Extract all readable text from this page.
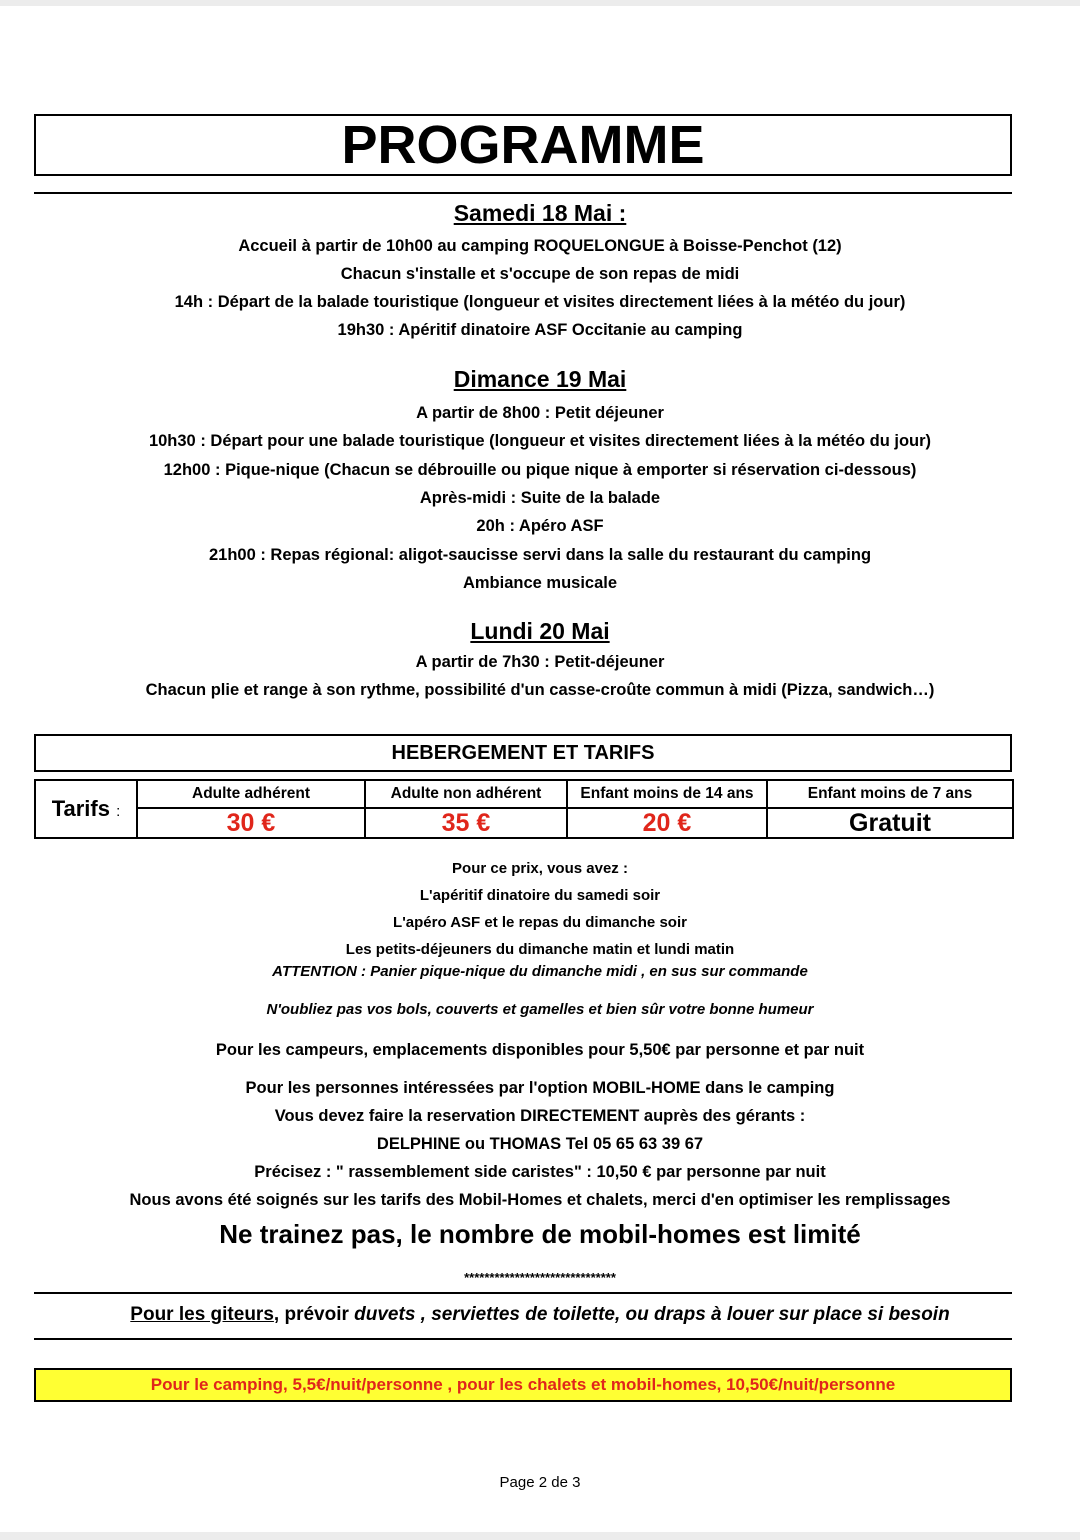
PROGRAMME
Samedi 18 Mai :
Accueil à partir de 10h00 au camping ROQUELONGUE à Boisse-Penchot (12)
Chacun s'installe et s'occupe de son repas de midi
14h : Départ de la balade touristique (longueur et visites directement liées à la météo du jour)
19h30 : Apéritif dinatoire ASF Occitanie au camping
Dimance 19 Mai
A partir de 8h00 : Petit déjeuner
10h30 : Départ pour une balade touristique (longueur et visites directement liées à la météo du jour)
12h00 : Pique-nique (Chacun se débrouille ou pique nique à emporter si réservation ci-dessous)
Après-midi : Suite de la balade
20h : Apéro ASF
21h00 : Repas régional: aligot-saucisse servi dans la salle du restaurant du camping
Ambiance musicale
Lundi 20 Mai
A partir de 7h30 : Petit-déjeuner
Chacun plie et range à son rythme, possibilité d'un casse-croûte commun à midi (Pizza, sandwich…)
HEBERGEMENT ET TARIFS
Tarifs :	Adulte adhérent	Adulte non adhérent	Enfant moins de 14 ans	Enfant moins de 7 ans
	30 €	35 €	20 €	Gratuit
Pour ce prix, vous avez :
L'apéritif dinatoire du samedi soir
L'apéro ASF et le repas du dimanche soir
Les petits-déjeuners du dimanche matin et lundi matin
ATTENTION : Panier pique-nique du dimanche midi , en sus sur commande
N'oubliez pas vos bols, couverts et gamelles et bien sûr votre bonne humeur
Pour les campeurs, emplacements disponibles pour 5,50€ par personne et par nuit
Pour les personnes intéressées par l'option MOBIL-HOME dans le camping
Vous devez faire la reservation DIRECTEMENT auprès des gérants :
DELPHINE ou THOMAS Tel 05 65 63 39 67
Précisez : " rassemblement side caristes" : 10,50 € par personne par nuit
Nous avons été soignés sur les tarifs des Mobil-Homes et chalets, merci d'en optimiser les remplissages
Ne trainez pas, le nombre de mobil-homes est limité
******************************
Pour les giteurs, prévoir duvets , serviettes de toilette, ou draps à louer sur place si besoin
Pour le camping, 5,5€/nuit/personne , pour les chalets et mobil-homes, 10,50€/nuit/personne
Page 2 de 3
